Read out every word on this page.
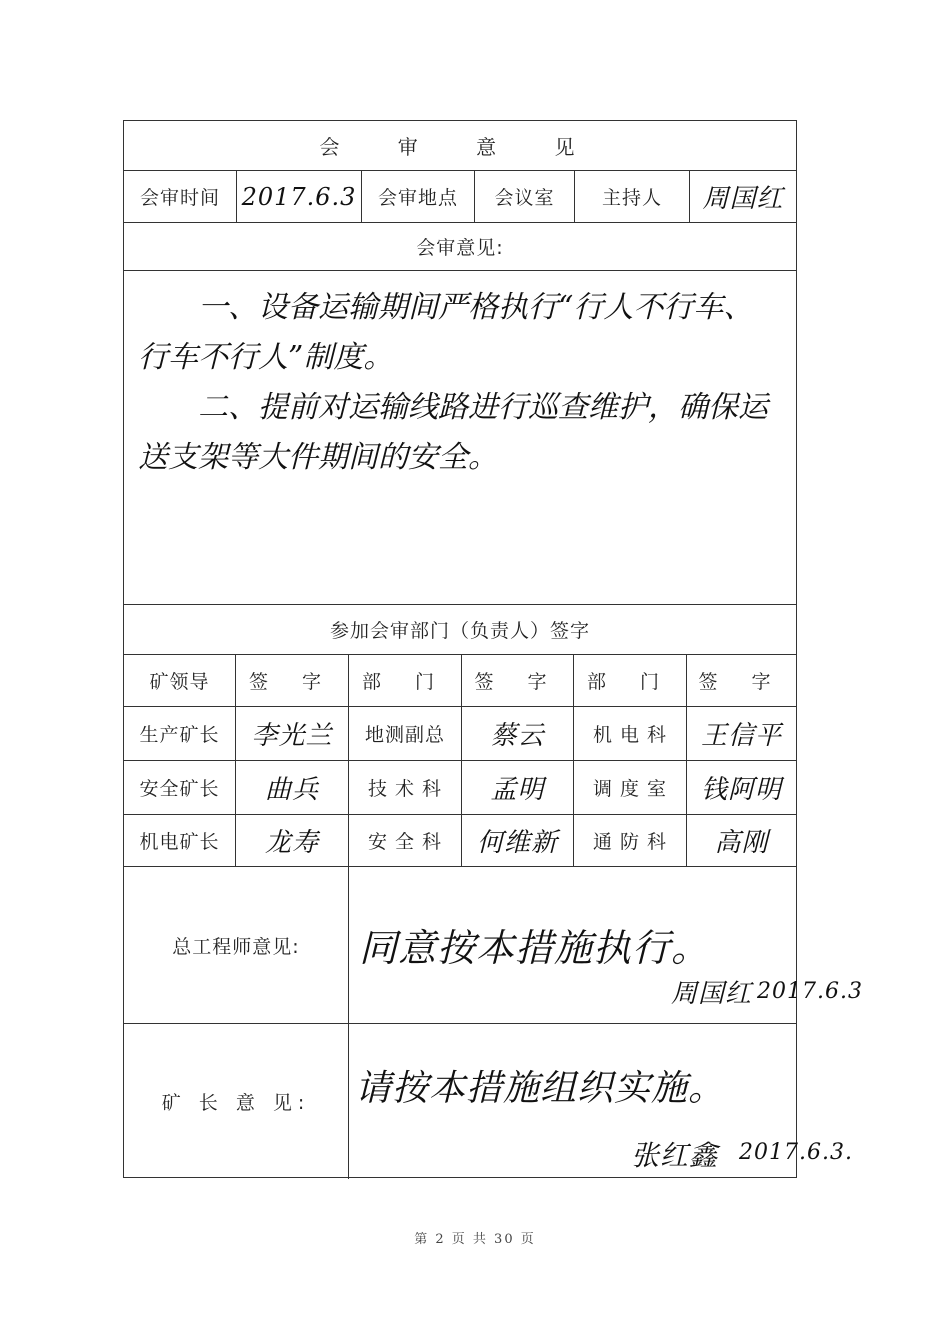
会 审 意 见
会审时间 2017.6.3	会审地点	会议室	主持人	周国红
会审意见:

一、设备运输期间严格执行“行人不行车、行车不行人”制度。

二、提前对运输线路进行巡查维护，确保运送支架等大件期间的安全。

参加会审部门（负责人）签字
矿领导	签 字	部 门	签 字	部 门	签 字
生产矿长	李光兰	地测副总	蔡云	机 电 科	王信平
安全矿长	曲兵	技 术 科	孟明	调 度 室	钱阿明
机电矿长	龙寿	安 全 科	何维新	通 防 科	高刚
总工程师意见:	同意按本措施执行。
周国红 2017.6.3
矿 长 意 见:	请按本措施组织实施。
张红鑫 2017.6.3.
第 2 页 共 30 页
